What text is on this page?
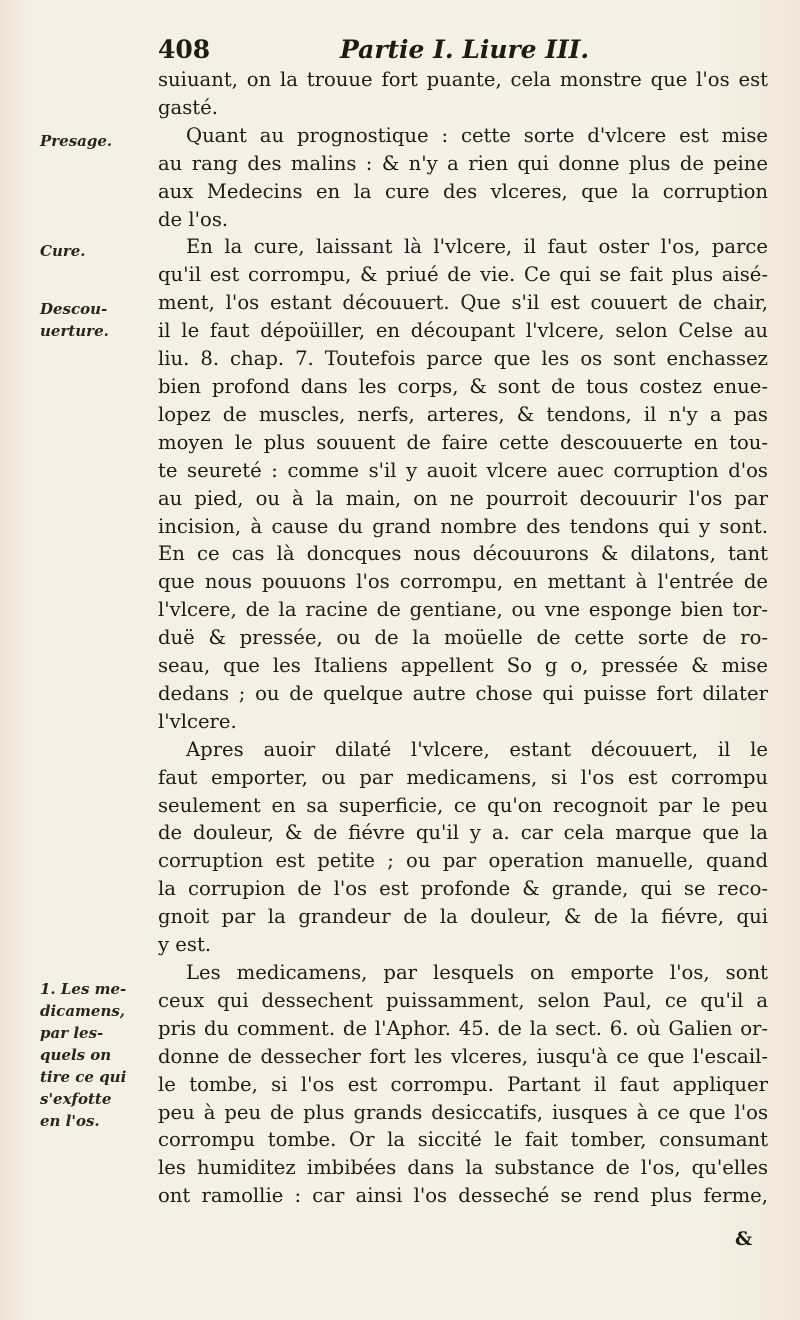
408	Partie I. Liure III.
Presage.
Cure.
Descou-
uerture.
1. Les me-
dicamens,
par les-
quels on
tire ce qui
s'exfotte
en l'os.
suiuant, on la trouue fort puante, cela monstre que l'os est
gasté.
Quant au prognostique : cette sorte d'vlcere est mise
au rang des malins : & n'y a rien qui donne plus de peine
aux Medecins en la cure des vlceres, que la corruption
de l'os.
En la cure, laissant là l'vlcere, il faut oster l'os, parce
qu'il est corrompu, & priué de vie. Ce qui se fait plus aisé-
ment, l'os estant découuert. Que s'il est couuert de chair,
il le faut dépoüiller, en découpant l'vlcere, selon Celse au
liu. 8. chap. 7. Toutefois parce que les os sont enchassez
bien profond dans les corps, & sont de tous costez enue-
lopez de muscles, nerfs, arteres, & tendons, il n'y a pas
moyen le plus souuent de faire cette descouuerte en tou-
te seureté : comme s'il y auoit vlcere auec corruption d'os
au pied, ou à la main, on ne pourroit decouurir l'os par
incision, à cause du grand nombre des tendons qui y sont.
En ce cas là doncques nous découurons & dilatons, tant
que nous pouuons l'os corrompu, en mettant à l'entrée de
l'vlcere, de la racine de gentiane, ou vne esponge bien tor-
duë & pressée, ou de la moüelle de cette sorte de ro-
seau, que les Italiens appellent So g o, pressée & mise
dedans ; ou de quelque autre chose qui puisse fort dilater
l'vlcere.
Apres auoir dilaté l'vlcere, estant découuert, il le
faut emporter, ou par medicamens, si l'os est corrompu
seulement en sa superficie, ce qu'on recognoit par le peu
de douleur, & de fiévre qu'il y a. car cela marque que la
corruption est petite ; ou par operation manuelle, quand
la corrupion de l'os est profonde & grande, qui se reco-
gnoit par la grandeur de la douleur, & de la fiévre, qui
y est.
Les medicamens, par lesquels on emporte l'os, sont
ceux qui dessechent puissamment, selon Paul, ce qu'il a
pris du comment. de l'Aphor. 45. de la sect. 6. où Galien or-
donne de dessecher fort les vlceres, iusqu'à ce que l'escail-
le tombe, si l'os est corrompu. Partant il faut appliquer
peu à peu de plus grands desiccatifs, iusques à ce que l'os
corrompu tombe. Or la siccité le fait tomber, consumant
les humiditez imbibées dans la substance de l'os, qu'elles
ont ramollie : car ainsi l'os desseché se rend plus ferme,
&
